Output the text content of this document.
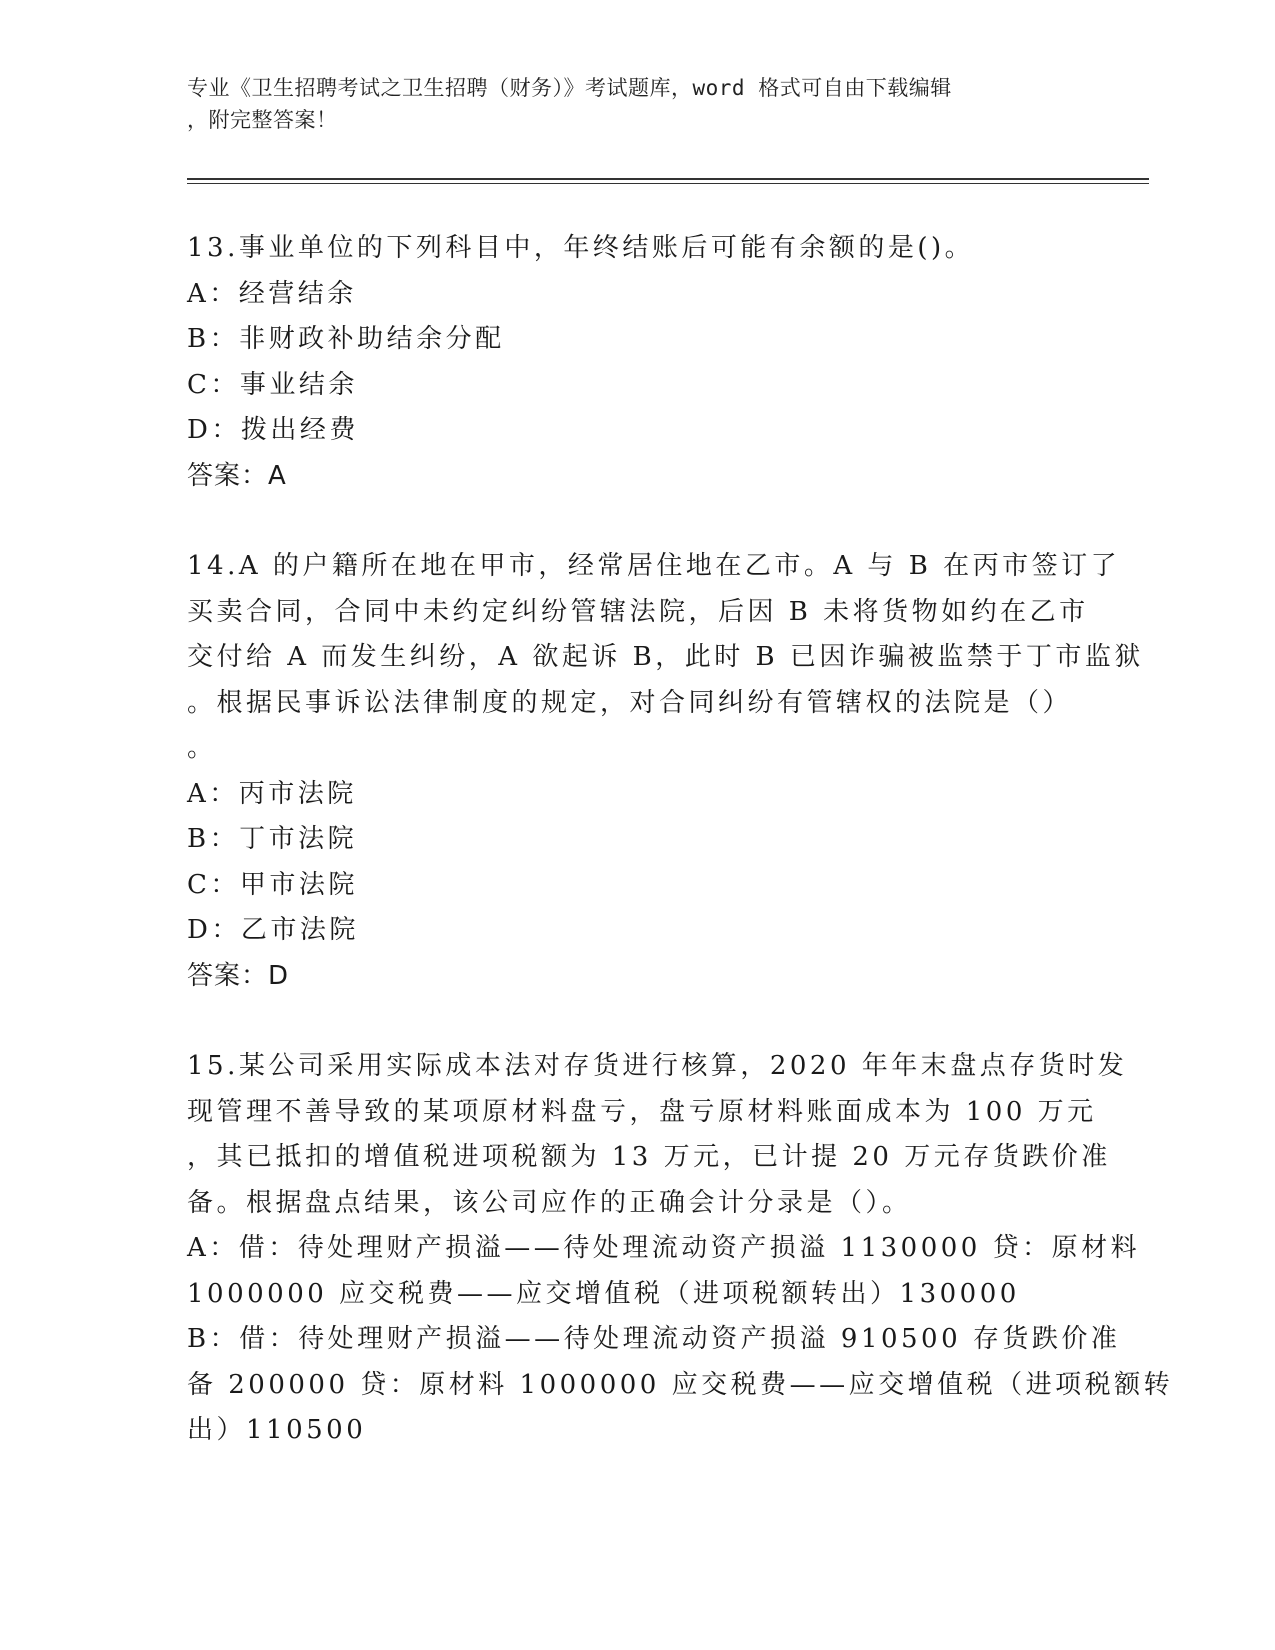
专业《卫生招聘考试之卫生招聘（财务）》考试题库，word 格式可自由下载编辑
，附完整答案！
13.事业单位的下列科目中，年终结账后可能有余额的是()。
A：经营结余
B：非财政补助结余分配
C：事业结余
D：拨出经费
答案：A
14.A 的户籍所在地在甲市，经常居住地在乙市。A 与 B 在丙市签订了
买卖合同，合同中未约定纠纷管辖法院，后因 B 未将货物如约在乙市
交付给 A 而发生纠纷，A 欲起诉 B，此时 B 已因诈骗被监禁于丁市监狱
。根据民事诉讼法律制度的规定，对合同纠纷有管辖权的法院是（）
。
A：丙市法院
B：丁市法院
C：甲市法院
D：乙市法院
答案：D
15.某公司采用实际成本法对存货进行核算，2020 年年末盘点存货时发
现管理不善导致的某项原材料盘亏，盘亏原材料账面成本为 100 万元
，其已抵扣的增值税进项税额为 13 万元，已计提 20 万元存货跌价准
备。根据盘点结果，该公司应作的正确会计分录是（）。
A：借：待处理财产损溢——待处理流动资产损溢 1130000 贷：原材料
1000000 应交税费——应交增值税（进项税额转出）130000
B：借：待处理财产损溢——待处理流动资产损溢 910500 存货跌价准
备 200000 贷：原材料 1000000 应交税费——应交增值税（进项税额转
出）110500
